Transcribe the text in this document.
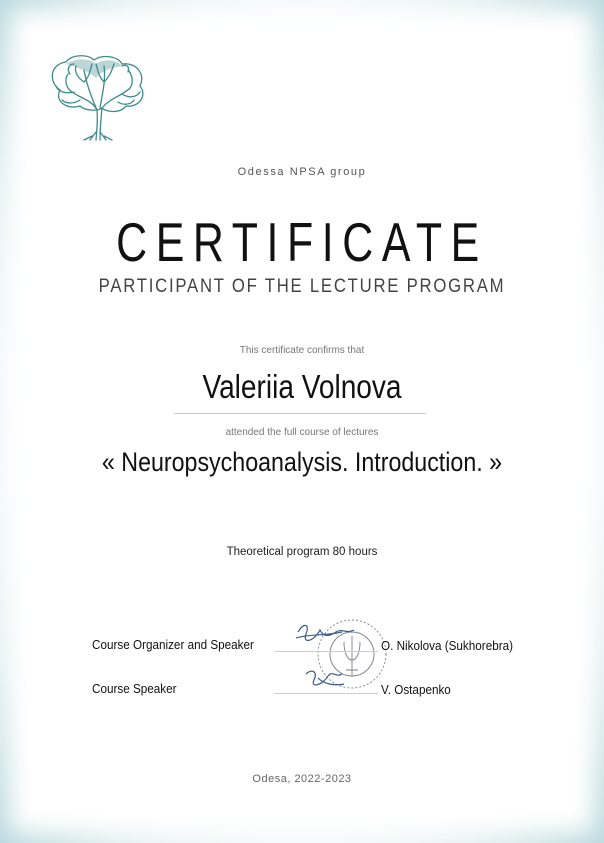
Odessa NPSA group
CERTIFICATE
PARTICIPANT OF THE LECTURE PROGRAM
This certificate confirms that
Valeriia Volnova
attended the full course of lectures
« Neuropsychoanalysis. Introduction. »
Theoretical program 80 hours
Course Organizer and Speaker	O. Nikolova (Sukhorebra)
Course Speaker	V. Ostapenko
Odesa, 2022-2023
